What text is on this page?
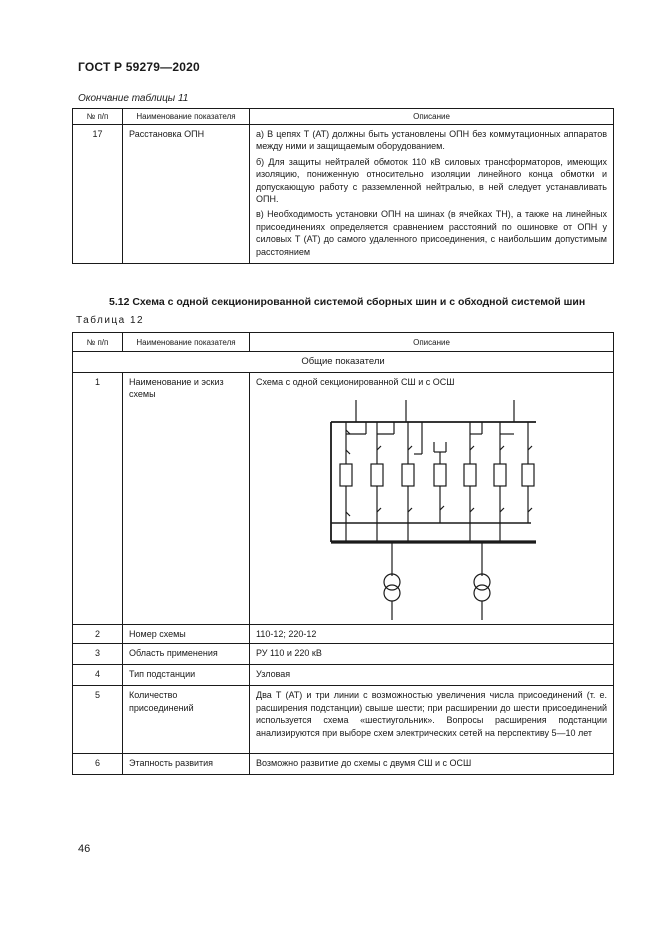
ГОСТ Р 59279—2020
Окончание таблицы 11
№ п/п	Наименование показателя	Описание
17	Расстановка ОПН	а) В цепях Т (АТ) должны быть установлены ОПН без коммутационных аппаратов между ними и защищаемым оборудованием.

б) Для защиты нейтралей обмоток 110 кВ силовых трансформаторов, имеющих изоляцию, пониженную относительно изоляции линейного конца обмотки и допускающую работу с разземленной нейтралью, в ней следует устанавливать ОПН.

в) Необходимость установки ОПН на шинах (в ячейках ТН), а также на линейных присоединениях определяется сравнением расстояний по ошиновке от ОПН у силовых Т (АТ) до самого удаленного присоединения, с наибольшим допустимым расстоянием

5.12 Схема с одной секционированной системой сборных шин и с обходной системой шин
Таблица 12
№ п/п	Наименование показателя	Описание
Общие показатели		
1	Наименование и эскиз схемы	Схема с одной секционированной СШ и с ОСШ

2	Номер схемы	110-12; 220-12
3	Область применения	РУ 110 и 220 кВ
4	Тип подстанции	Узловая
5	Количество присоединений	Два Т (АТ) и три линии с возможностью увеличения числа присоединений (т. е. расширения подстанции) свыше шести; при расширении до шести присоединений используется схема «шестиугольник». Вопросы расширения подстанции анализируются при выборе схем электрических сетей на перспективу 5—10 лет
6	Этапность развития	Возможно развитие до схемы с двумя СШ и с ОСШ
46
